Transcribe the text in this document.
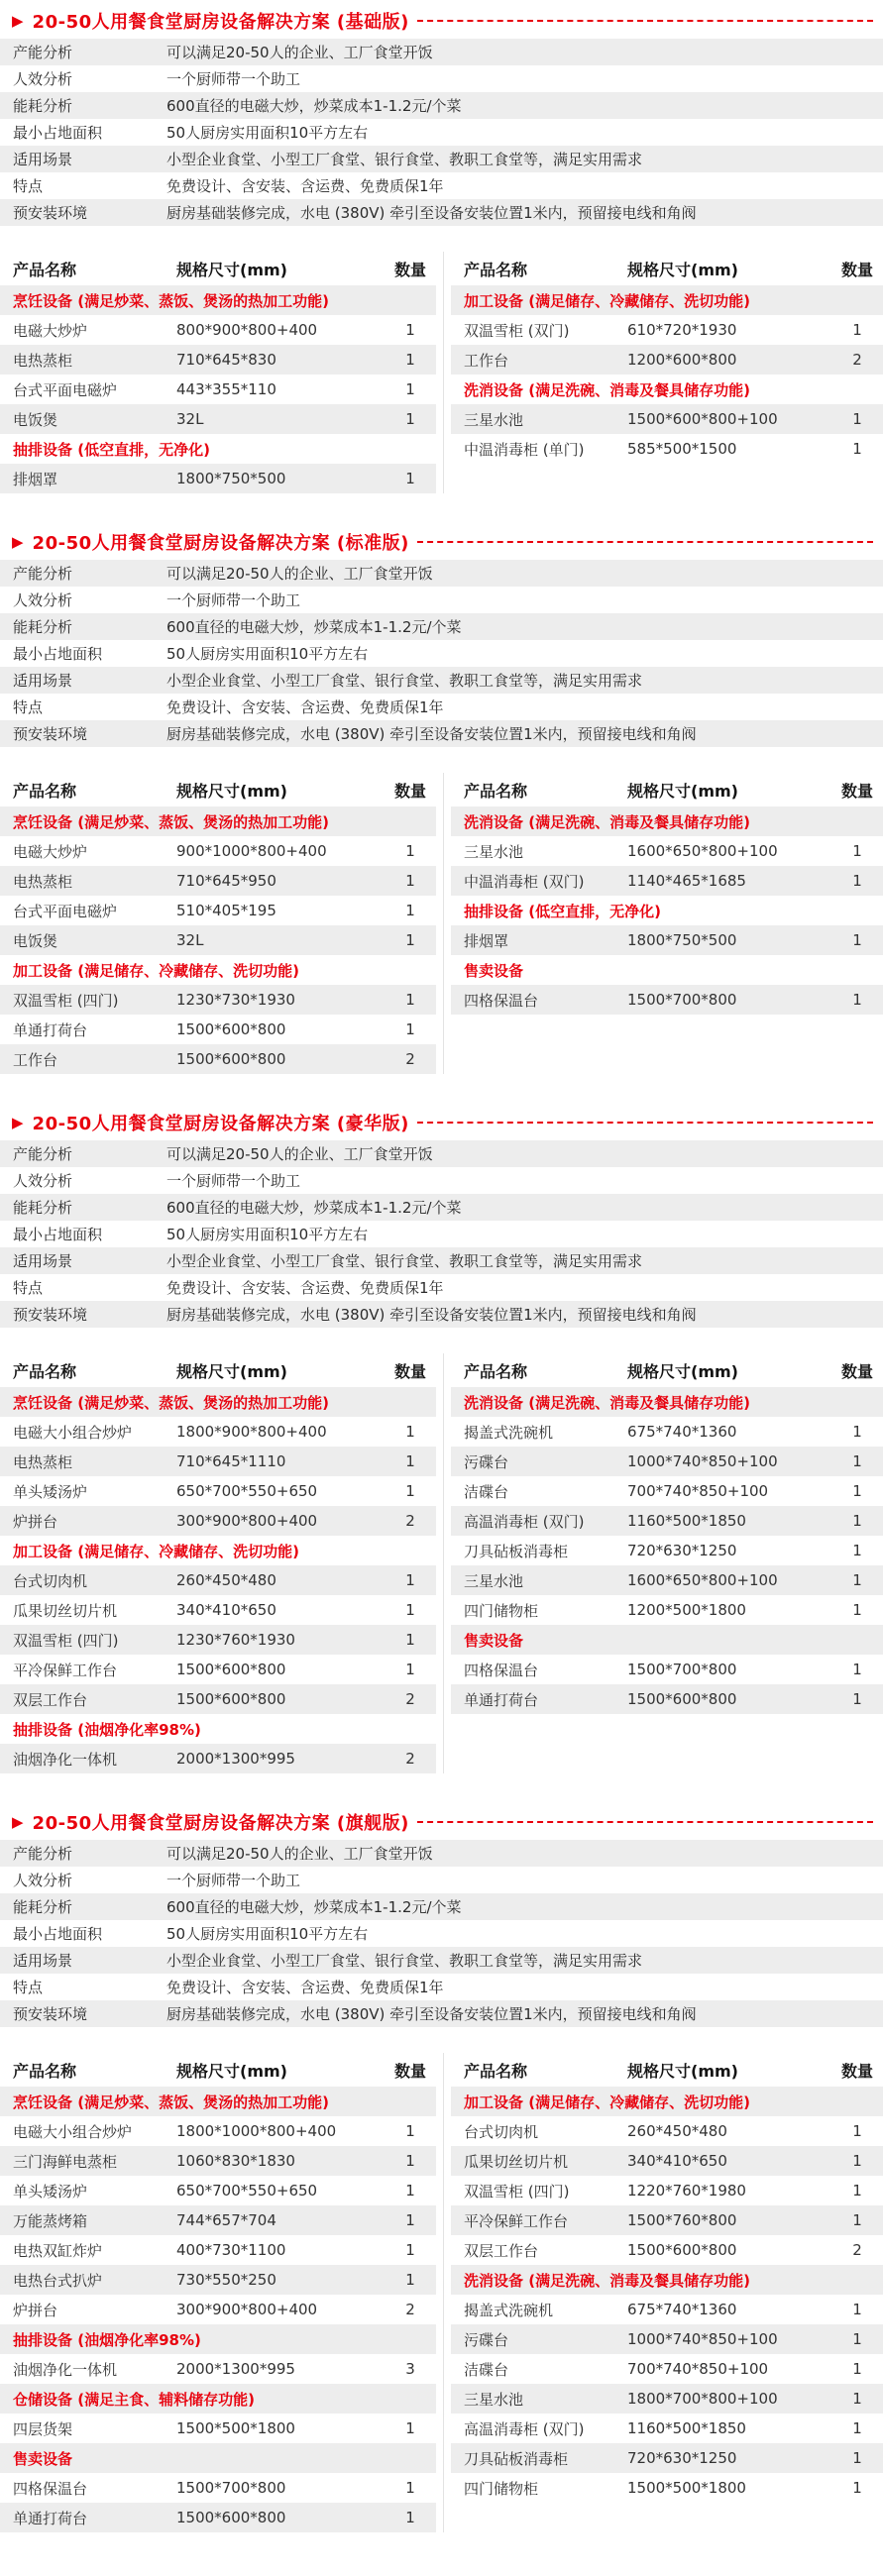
▶ 20-50人用餐食堂厨房设备解决方案 (基础版)
产能分析	可以满足20-50人的企业、工厂食堂开饭
人效分析	一个厨师带一个助工
能耗分析	600直径的电磁大炒，炒菜成本1-1.2元/个菜
最小占地面积	50人厨房实用面积10平方左右
适用场景	小型企业食堂、小型工厂食堂、银行食堂、教职工食堂等，满足实用需求
特点	免费设计、含安装、含运费、免费质保1年
预安装环境	厨房基础装修完成，水电 (380V) 牵引至设备安装位置1米内，预留接电线和角阀
产品名称	规格尺寸(mm)	数量
烹饪设备 (满足炒菜、蒸饭、煲汤的热加工功能)
电磁大炒炉	800*900*800+400	1
电热蒸柜	710*645*830	1
台式平面电磁炉	443*355*110	1
电饭煲	32L	1
抽排设备 (低空直排，无净化)
排烟罩	1800*750*500	1
产品名称	规格尺寸(mm)	数量
加工设备 (满足储存、冷藏储存、洗切功能)
双温雪柜 (双门)	610*720*1930	1
工作台	1200*600*800	2
洗消设备 (满足洗碗、消毒及餐具储存功能)
三星水池	1500*600*800+100	1
中温消毒柜 (单门)	585*500*1500	1
▶ 20-50人用餐食堂厨房设备解决方案 (标准版)
产能分析	可以满足20-50人的企业、工厂食堂开饭
人效分析	一个厨师带一个助工
能耗分析	600直径的电磁大炒，炒菜成本1-1.2元/个菜
最小占地面积	50人厨房实用面积10平方左右
适用场景	小型企业食堂、小型工厂食堂、银行食堂、教职工食堂等，满足实用需求
特点	免费设计、含安装、含运费、免费质保1年
预安装环境	厨房基础装修完成，水电 (380V) 牵引至设备安装位置1米内，预留接电线和角阀
产品名称	规格尺寸(mm)	数量
烹饪设备 (满足炒菜、蒸饭、煲汤的热加工功能)
电磁大炒炉	900*1000*800+400	1
电热蒸柜	710*645*950	1
台式平面电磁炉	510*405*195	1
电饭煲	32L	1
加工设备 (满足储存、冷藏储存、洗切功能)
双温雪柜 (四门)	1230*730*1930	1
单通打荷台	1500*600*800	1
工作台	1500*600*800	2
产品名称	规格尺寸(mm)	数量
洗消设备 (满足洗碗、消毒及餐具储存功能)
三星水池	1600*650*800+100	1
中温消毒柜 (双门)	1140*465*1685	1
抽排设备 (低空直排，无净化)
排烟罩	1800*750*500	1
售卖设备
四格保温台	1500*700*800	1
▶ 20-50人用餐食堂厨房设备解决方案 (豪华版)
产能分析	可以满足20-50人的企业、工厂食堂开饭
人效分析	一个厨师带一个助工
能耗分析	600直径的电磁大炒，炒菜成本1-1.2元/个菜
最小占地面积	50人厨房实用面积10平方左右
适用场景	小型企业食堂、小型工厂食堂、银行食堂、教职工食堂等，满足实用需求
特点	免费设计、含安装、含运费、免费质保1年
预安装环境	厨房基础装修完成，水电 (380V) 牵引至设备安装位置1米内，预留接电线和角阀
产品名称	规格尺寸(mm)	数量
烹饪设备 (满足炒菜、蒸饭、煲汤的热加工功能)
电磁大小组合炒炉	1800*900*800+400	1
电热蒸柜	710*645*1110	1
单头矮汤炉	650*700*550+650	1
炉拼台	300*900*800+400	2
加工设备 (满足储存、冷藏储存、洗切功能)
台式切肉机	260*450*480	1
瓜果切丝切片机	340*410*650	1
双温雪柜 (四门)	1230*760*1930	1
平冷保鲜工作台	1500*600*800	1
双层工作台	1500*600*800	2
抽排设备 (油烟净化率98%)
油烟净化一体机	2000*1300*995	2
产品名称	规格尺寸(mm)	数量
洗消设备 (满足洗碗、消毒及餐具储存功能)
揭盖式洗碗机	675*740*1360	1
污碟台	1000*740*850+100	1
洁碟台	700*740*850+100	1
高温消毒柜 (双门)	1160*500*1850	1
刀具砧板消毒柜	720*630*1250	1
三星水池	1600*650*800+100	1
四门储物柜	1200*500*1800	1
售卖设备
四格保温台	1500*700*800	1
单通打荷台	1500*600*800	1
▶ 20-50人用餐食堂厨房设备解决方案 (旗舰版)
产能分析	可以满足20-50人的企业、工厂食堂开饭
人效分析	一个厨师带一个助工
能耗分析	600直径的电磁大炒，炒菜成本1-1.2元/个菜
最小占地面积	50人厨房实用面积10平方左右
适用场景	小型企业食堂、小型工厂食堂、银行食堂、教职工食堂等，满足实用需求
特点	免费设计、含安装、含运费、免费质保1年
预安装环境	厨房基础装修完成，水电 (380V) 牵引至设备安装位置1米内，预留接电线和角阀
产品名称	规格尺寸(mm)	数量
烹饪设备 (满足炒菜、蒸饭、煲汤的热加工功能)
电磁大小组合炒炉	1800*1000*800+400	1
三门海鲜电蒸柜	1060*830*1830	1
单头矮汤炉	650*700*550+650	1
万能蒸烤箱	744*657*704	1
电热双缸炸炉	400*730*1100	1
电热台式扒炉	730*550*250	1
炉拼台	300*900*800+400	2
抽排设备 (油烟净化率98%)
油烟净化一体机	2000*1300*995	3
仓储设备 (满足主食、辅料储存功能)
四层货架	1500*500*1800	1
售卖设备
四格保温台	1500*700*800	1
单通打荷台	1500*600*800	1
产品名称	规格尺寸(mm)	数量
加工设备 (满足储存、冷藏储存、洗切功能)
台式切肉机	260*450*480	1
瓜果切丝切片机	340*410*650	1
双温雪柜 (四门)	1220*760*1980	1
平冷保鲜工作台	1500*760*800	1
双层工作台	1500*600*800	2
洗消设备 (满足洗碗、消毒及餐具储存功能)
揭盖式洗碗机	675*740*1360	1
污碟台	1000*740*850+100	1
洁碟台	700*740*850+100	1
三星水池	1800*700*800+100	1
高温消毒柜 (双门)	1160*500*1850	1
刀具砧板消毒柜	720*630*1250	1
四门储物柜	1500*500*1800	1
